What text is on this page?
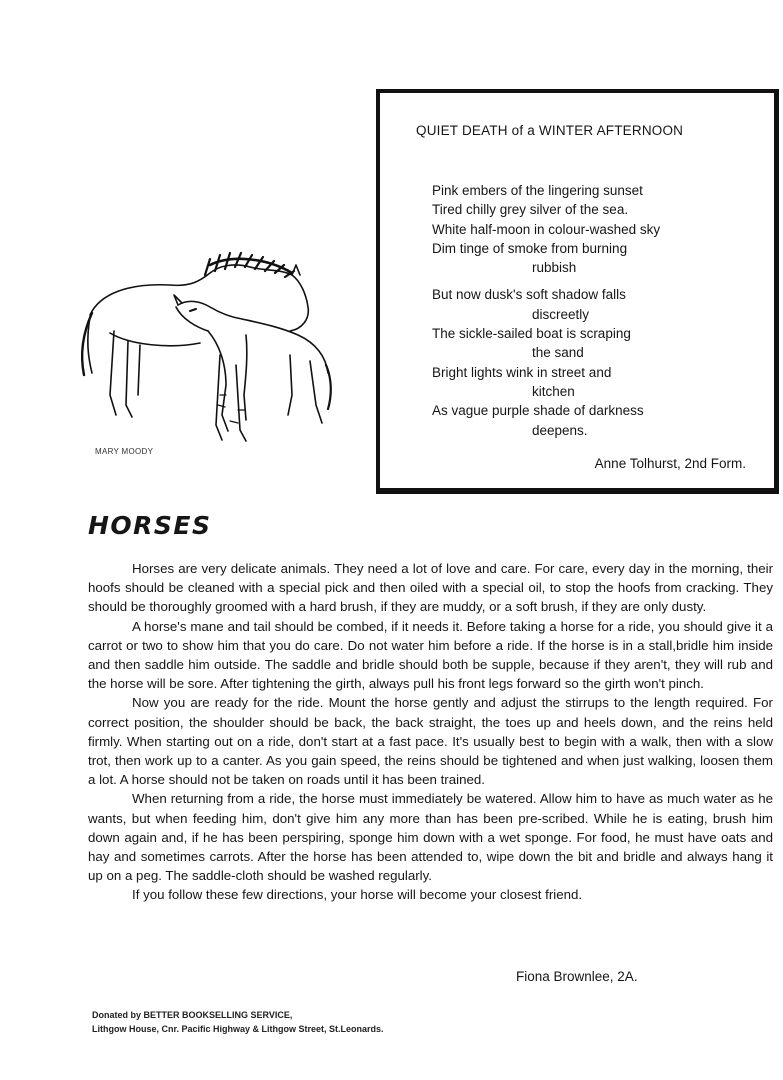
MARY MOODY
QUIET DEATH of a WINTER AFTERNOON
Pink embers of the lingering sunset
Tired chilly grey silver of the sea.
White half-moon in colour-washed sky
Dim tinge of smoke from burning
rubbish
But now dusk's soft shadow falls
discreetly
The sickle-sailed boat is scraping
the sand
Bright lights wink in street and
kitchen
As vague purple shade of darkness
deepens.
Anne Tolhurst, 2nd Form.
HORSES

Horses are very delicate animals. They need a lot of love and care. For care, every day in the morning, their hoofs should be cleaned with a special pick and then oiled with a special oil, to stop the hoofs from cracking. They should be thoroughly groomed with a hard brush, if they are muddy, or a soft brush, if they are only dusty.

A horse's mane and tail should be combed, if it needs it. Before taking a horse for a ride, you should give it a carrot or two to show him that you do care. Do not water him before a ride. If the horse is in a stall,bridle him inside and then saddle him outside. The saddle and bridle should both be supple, because if they aren't, they will rub and the horse will be sore. After tightening the girth, always pull his front legs forward so the girth won't pinch.

Now you are ready for the ride. Mount the horse gently and adjust the stirrups to the length required. For correct position, the shoulder should be back, the back straight, the toes up and heels down, and the reins held firmly. When starting out on a ride, don't start at a fast pace. It's usually best to begin with a walk, then with a slow trot, then work up to a canter. As you gain speed, the reins should be tightened and when just walking, loosen them a lot. A horse should not be taken on roads until it has been trained.

When returning from a ride, the horse must immediately be watered. Allow him to have as much water as he wants, but when feeding him, don't give him any more than has been pre-scribed. While he is eating, brush him down again and, if he has been perspiring, sponge him down with a wet sponge. For food, he must have oats and hay and sometimes carrots. After the horse has been attended to, wipe down the bit and bridle and always hang it up on a peg. The saddle-cloth should be washed regularly.

If you follow these few directions, your horse will become your closest friend.

Fiona Brownlee, 2A.
Donated by BETTER BOOKSELLING SERVICE,
Lithgow House, Cnr. Pacific Highway & Lithgow Street, St.Leonards.
